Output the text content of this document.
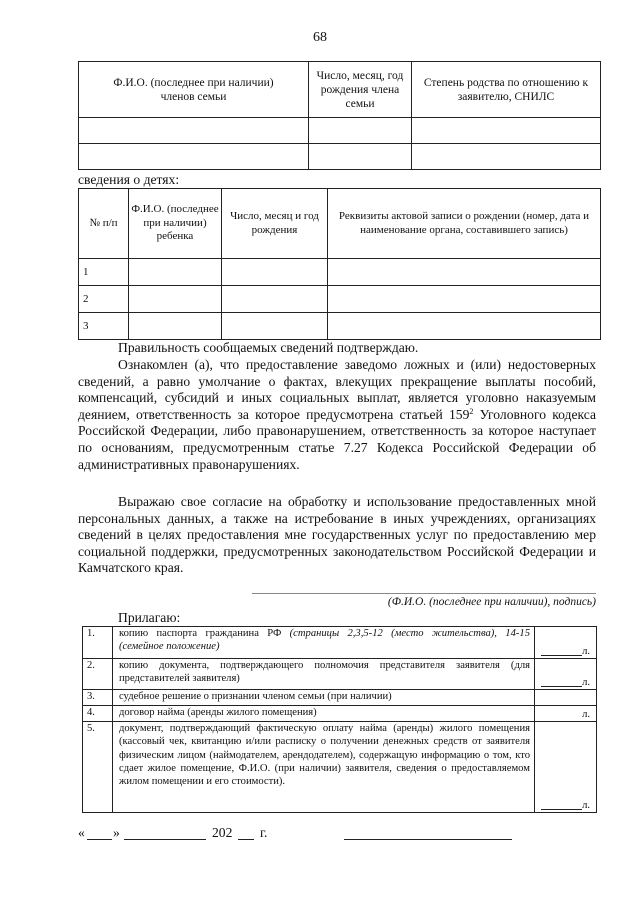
68
Ф.И.О. (последнее при наличии) членов семьи	Число, месяц, год рождения члена семьи	Степень родства по отношению к заявителю, СНИЛС

сведения о детях:
№ п/п	Ф.И.О. (последнее при наличии) ребенка	Число, месяц и год рождения	Реквизиты актовой записи о рождении (номер, дата и наименование органа, составившего запись)
1			
2			
3			
Правильность сообщаемых сведений подтверждаю.
Ознакомлен (а), что предоставление заведомо ложных и (или) недостоверных сведений, а равно умолчание о фактах, влекущих прекращение выплаты пособий, компенсаций, субсидий и иных социальных выплат, является уголовно наказуемым деянием, ответственность за которое предусмотрена статьей $159^2$ Уголовного кодекса Российской Федерации, либо правонарушением, ответственность за которое наступает по основаниям, предусмотренным статье 7.27 Кодекса Российской Федерации об административных правонарушениях.
Выражаю свое согласие на обработку и использование предоставленных мной персональных данных, а также на истребование в иных учреждениях, организациях сведений в целях предоставления мне государственных услуг по предоставлению мер социальной поддержки, предусмотренных законодательством Российской Федерации и Камчатского края.
(Ф.И.О. (последнее при наличии), подпись)
Прилагаю:
1.	копию паспорта гражданина РФ (страницы 2,3,5-12 (место жительства), 14-15 (семейное положение)	л.
2.	копию документа, подтверждающего полномочия представителя заявителя (для представителей заявителя)	л.
3.	судебное решение о признании членом семьи (при наличии)	
4.	договор найма (аренды жилого помещения)	л.
5.	документ, подтверждающий фактическую оплату найма (аренды) жилого помещения (кассовый чек, квитанцию и/или расписку о получении денежных средств от заявителя физическим лицом (наймодателем, арендодателем), содержащую информацию о том, кто сдает жилое помещение, Ф.И.О. (при наличии) заявителя, сведения о предоставляемом жилом помещении и его стоимости).	л.
« »	202 г.
